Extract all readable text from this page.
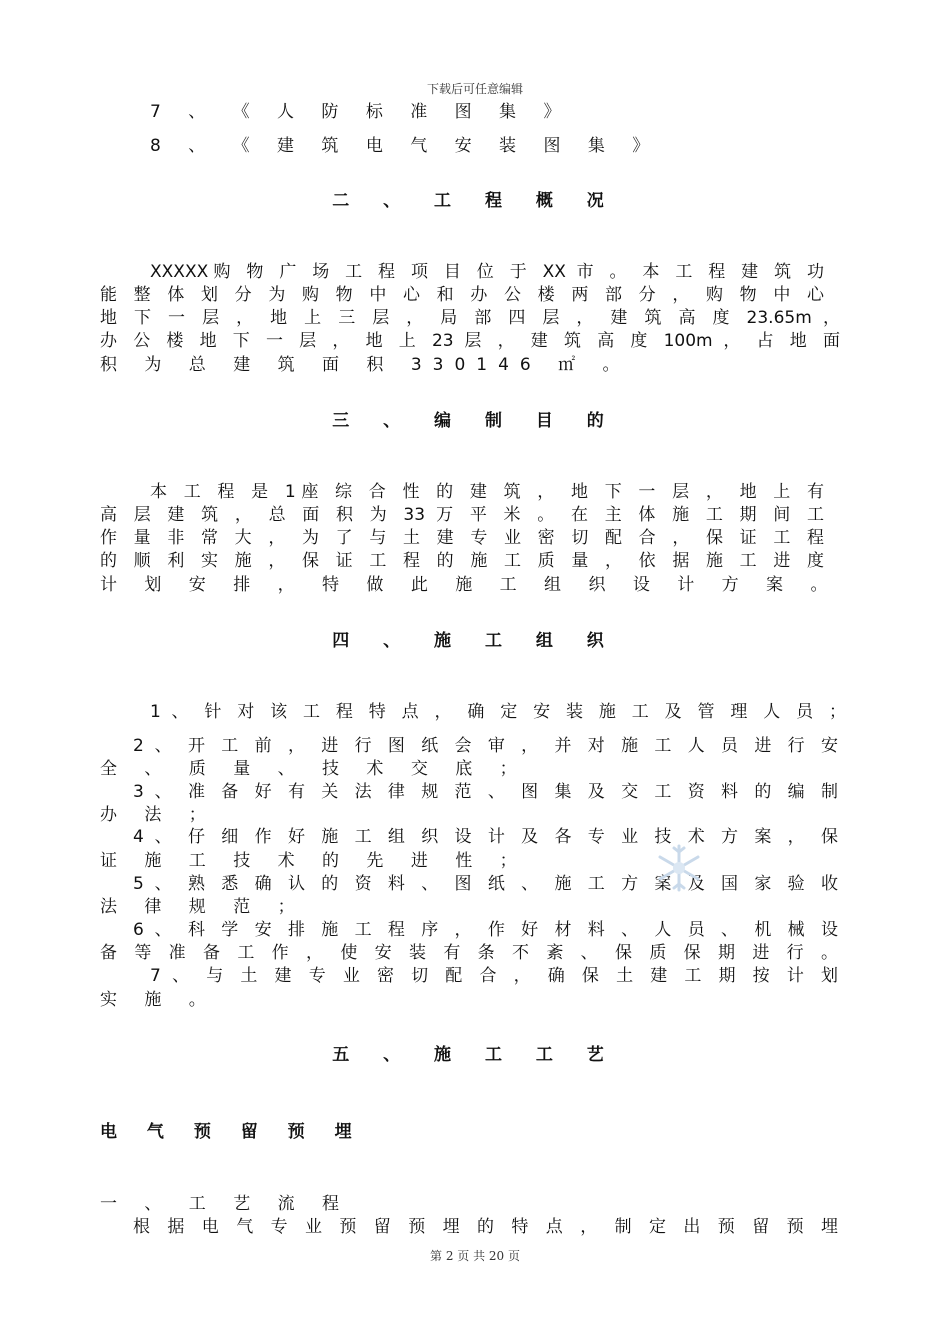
下载后可任意编辑
7 、 《 人 防 标 准 图 集 》
8 、 《 建 筑 电 气 安 装 图 集 》
二 、 工 程 概 况
XXXXX购 物 广 场 工 程 项 目 位 于 XX 市 。 本 工 程 建 筑 功
能 整 体 划 分 为 购 物 中 心 和 办 公 楼 两 部 分 ， 购 物 中 心
地 下 一 层 ， 地 上 三 层 ， 局 部 四 层 ， 建 筑 高 度 23.65m ，
办 公 楼 地 下 一 层 ， 地 上 23 层 ， 建 筑 高 度 100m ， 占 地 面
积 为 总 建 筑 面 积 330146 ㎡ 。
三 、 编 制 目 的
本 工 程 是 1座 综 合 性 的 建 筑 ， 地 下 一 层 ， 地 上 有
高 层 建 筑 ， 总 面 积 为 33 万 平 米 。 在 主 体 施 工 期 间 工
作 量 非 常 大 ， 为 了 与 土 建 专 业 密 切 配 合 ， 保 证 工 程
的 顺 利 实 施 ， 保 证 工 程 的 施 工 质 量 ， 依 据 施 工 进 度
计 划 安 排 ， 特 做 此 施 工 组 织 设 计 方 案 。
四 、 施 工 组 织
1 、 针 对 该 工 程 特 点 ， 确 定 安 装 施 工 及 管 理 人 员 ；
2 、 开 工 前 ， 进 行 图 纸 会 审 ， 并 对 施 工 人 员 进 行 安
全 、 质 量 、 技 术 交 底 ；
3 、 准 备 好 有 关 法 律 规 范 、 图 集 及 交 工 资 料 的 编 制
办 法 ；
4 、 仔 细 作 好 施 工 组 织 设 计 及 各 专 业 技 术 方 案 ， 保
证 施 工 技 术 的 先 进 性 ；
5 、 熟 悉 确 认 的 资 料 、 图 纸 、 施 工 方 案 及 国 家 验 收
法 律 规 范 ；
6 、 科 学 安 排 施 工 程 序 ， 作 好 材 料 、 人 员 、 机 械 设
备 等 准 备 工 作 ， 使 安 装 有 条 不 紊 、 保 质 保 期 进 行 。
7 、 与 土 建 专 业 密 切 配 合 ， 确 保 土 建 工 期 按 计 划
实 施 。
五 、 施 工 工 艺
电 气 预 留 预 埋
一 、 工 艺 流 程
根 据 电 气 专 业 预 留 预 埋 的 特 点 ， 制 定 出 预 留 预 埋
第 2 页 共 20 页
